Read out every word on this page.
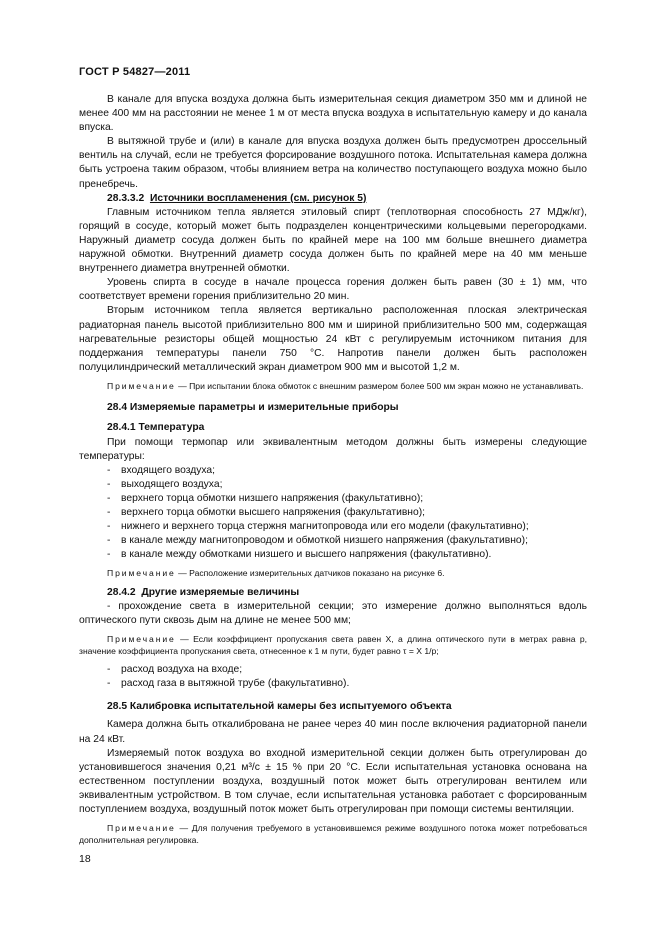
ГОСТ Р 54827—2011

В канале для впуска воздуха должна быть измерительная секция диаметром 350 мм и длиной не менее 400 мм на расстоянии не менее 1 м от места впуска воздуха в испытательную камеру и до канала впуска.

В вытяжной трубе и (или) в канале для впуска воздуха должен быть предусмотрен дроссельный вентиль на случай, если не требуется форсирование воздушного потока. Испытательная камера должна быть устроена таким образом, чтобы влиянием ветра на количество поступающего воздуха можно было пренебречь.

28.3.3.2 Источники воспламенения (см. рисунок 5)

Главным источником тепла является этиловый спирт (теплотворная способность 27 МДж/кг), горящий в сосуде, который может быть подразделен концентрическими кольцевыми перегородками. Наружный диаметр сосуда должен быть по крайней мере на 100 мм больше внешнего диаметра наружной обмотки. Внутренний диаметр сосуда должен быть по крайней мере на 40 мм меньше внутреннего диаметра внутренней обмотки.

Уровень спирта в сосуде в начале процесса горения должен быть равен (30 ± 1) мм, что соответствует времени горения приблизительно 20 мин.

Вторым источником тепла является вертикально расположенная плоская электрическая радиаторная панель высотой приблизительно 800 мм и шириной приблизительно 500 мм, содержащая нагревательные резисторы общей мощностью 24 кВт с регулируемым источником питания для поддержания температуры панели 750 °С. Напротив панели должен быть расположен полуцилиндрический металлический экран диаметром 900 мм и высотой 1,2 м.

Примечание — При испытании блока обмоток с внешним размером более 500 мм экран можно не устанавливать.

28.4 Измеряемые параметры и измерительные приборы

28.4.1 Температура

При помощи термопар или эквивалентным методом должны быть измерены следующие температуры:

- входящего воздуха;

- выходящего воздуха;

- верхнего торца обмотки низшего напряжения (факультативно);

- верхнего торца обмотки высшего напряжения (факультативно);

- нижнего и верхнего торца стержня магнитопровода или его модели (факультативно);

- в канале между магнитопроводом и обмоткой низшего напряжения (факультативно);

- в канале между обмотками низшего и высшего напряжения (факультативно).

Примечание — Расположение измерительных датчиков показано на рисунке 6.

28.4.2 Другие измеряемые величины

- прохождение света в измерительной секции; это измерение должно выполняться вдоль оптического пути сквозь дым на длине не менее 500 мм;

Примечание — Если коэффициент пропускания света равен X, а длина оптического пути в метрах равна p, значение коэффициента пропускания света, отнесенное к 1 м пути, будет равно τ = X 1/p;

- расход воздуха на входе;

- расход газа в вытяжной трубе (факультативно).

28.5 Калибровка испытательной камеры без испытуемого объекта

Камера должна быть откалибрована не ранее через 40 мин после включения радиаторной панели на 24 кВт.

Измеряемый поток воздуха во входной измерительной секции должен быть отрегулирован до установившегося значения 0,21 м³/с ± 15 % при 20 °С. Если испытательная установка основана на естественном поступлении воздуха, воздушный поток может быть отрегулирован вентилем или эквивалентным устройством. В том случае, если испытательная установка работает с форсированным поступлением воздуха, воздушный поток может быть отрегулирован при помощи системы вентиляции.

Примечание — Для получения требуемого в установившемся режиме воздушного потока может потребоваться дополнительная регулировка.

18
